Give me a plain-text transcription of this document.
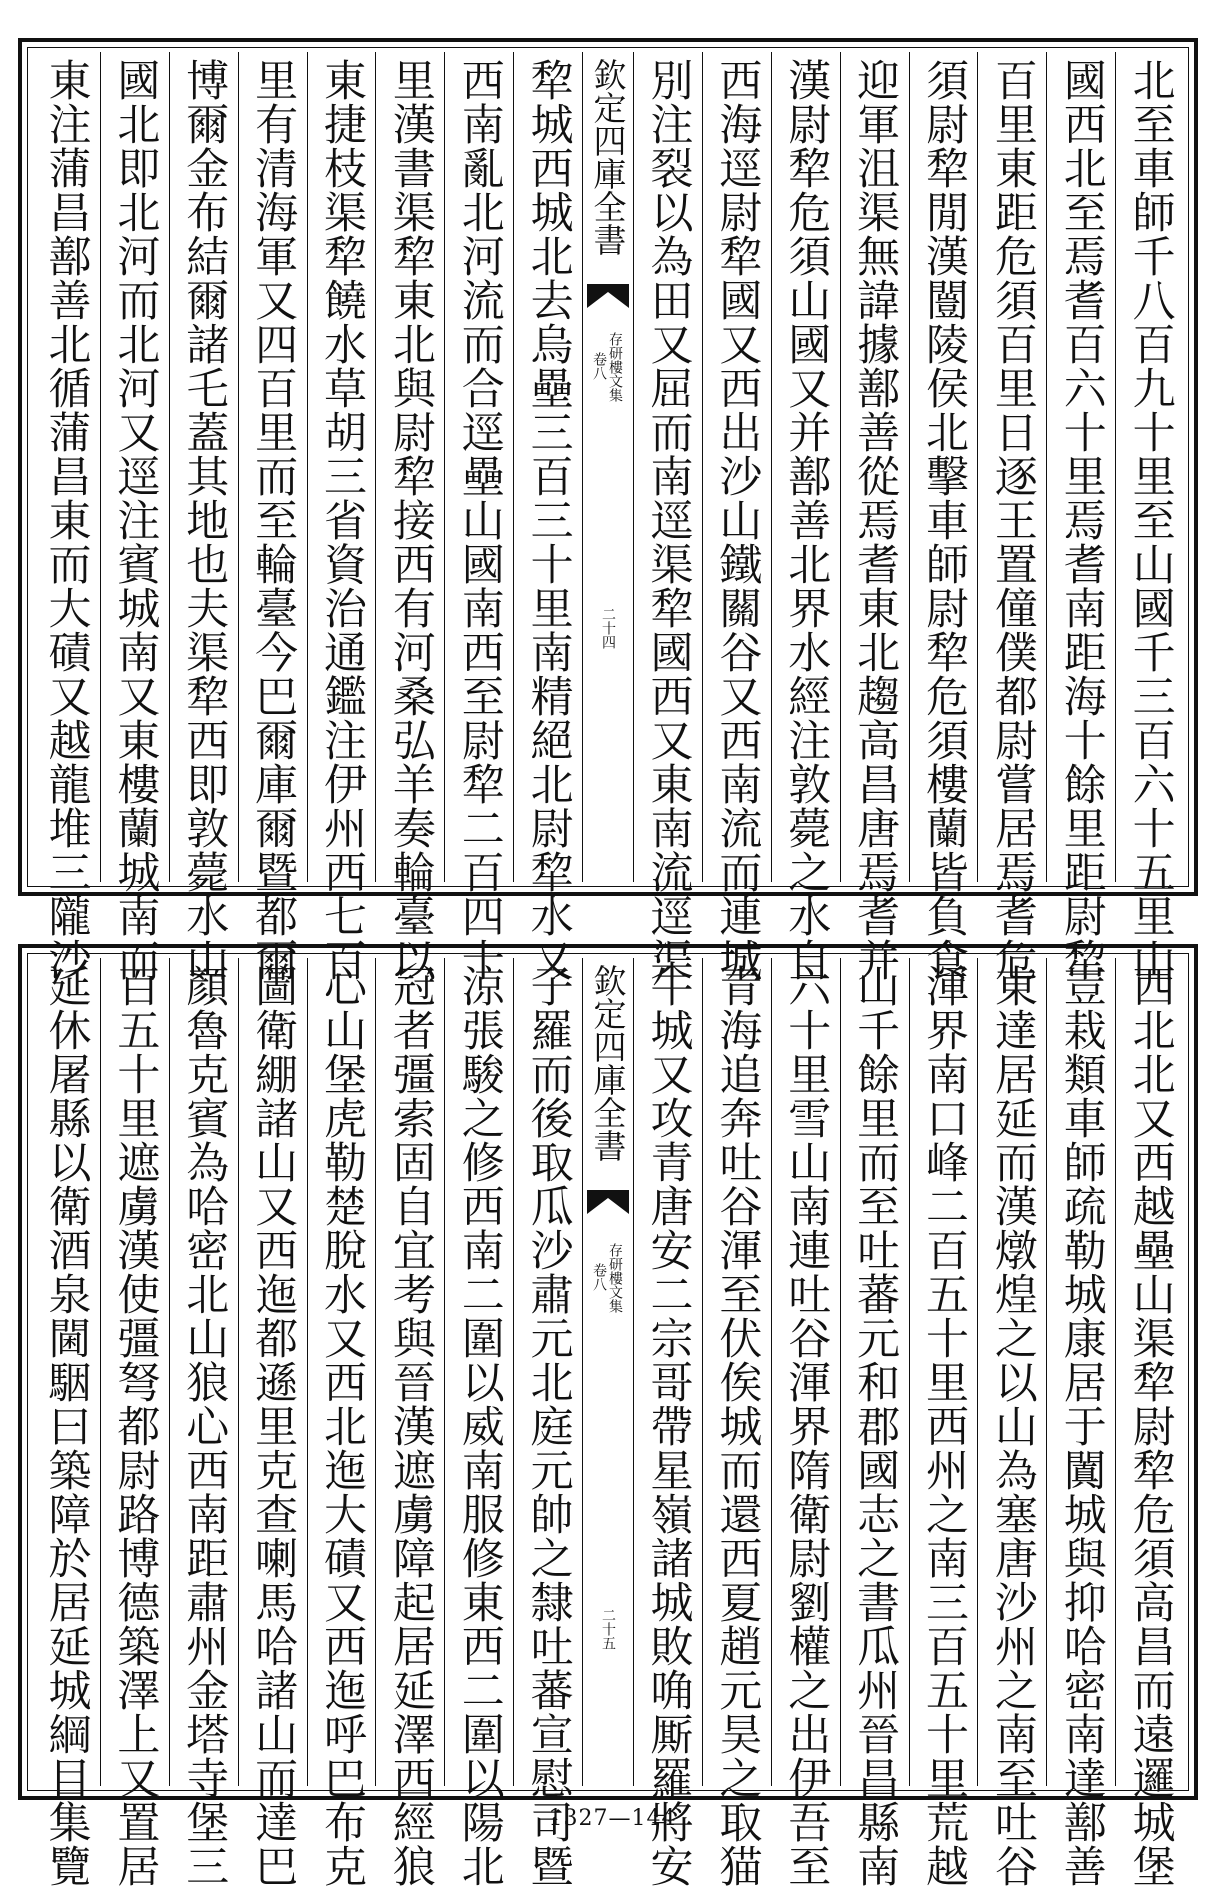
北至車師千八百九十里至山國千三百六十五里山
國西北至焉耆百六十里焉耆南距海十餘里距尉犂
百里東距危須百里日逐王置僮僕都尉嘗居焉耆危
須尉犂閒漢闓陵侯北擊車師尉犂危須樓蘭皆負食
迎軍沮渠無諱據鄯善從焉耆東北趨高昌唐焉耆并
漢尉犂危須山國又并鄯善北界水經注敦薨之水自
西海逕尉犂國又西出沙山鐵關谷又西南流而連城
別注裂以為田又屈而南逕渠犂國西又東南流逕渠
欽定四庫全書
存研樓文集
卷八
二十四
犂城西城北去烏壘三百三十里南精絕北尉犂水又
西南亂北河流而合逕壘山國南西至尉犂二百四十
里漢書渠犂東北與尉犂接西有河桑弘羊奏輪臺以
東捷枝渠犂饒水草胡三省資治通鑑注伊州西七百
里有清海軍又四百里而至輪臺今巴爾庫爾暨都爾
博爾金布結爾諸乇蓋其地也夫渠犂西即敦薨水山
國北即北河而北河又逕注賓城南又東樓蘭城南而
東注蒲昌鄯善北循蒲昌東而大磧又越龍堆三隴沙
西北北又西越壘山渠犂尉犂危須高昌而遠邏城堡
豈栽類車師疏勒城康居于闐城與抑哈密南達鄯善
東達居延而漢燉煌之以山為塞唐沙州之南至吐谷
渾界南口峰二百五十里西州之南三百五十里荒越
山千餘里而至吐蕃元和郡國志之書瓜州晉昌縣南
六十里雪山南連吐谷渾界隋衛尉劉權之出伊吾至
青海追奔吐谷渾至伏俟城而還西夏趙元昊之取猫
牛城又攻青唐安二宗哥帶星嶺諸城敗唃厮羅將安
欽定四庫全書
存研樓文集
卷八
二十五
子羅而後取瓜沙肅元北庭元帥之隸吐蕃宣慰司暨
涼張駿之修西南二圍以威南服修東西二圍以陽北
冠者彊索固自宜考與晉漢遮虜障起居延澤西經狼
心山堡虎勒楚脫水又西北迤大磧又西迤呼巴布克
圖衛綳諸山又西迤都遜里克查喇馬哈諸山而達巴
顏魯克賓為哈密北山狼心西南距肅州金塔寺堡三
百五十里遮虜漢使彊弩都尉路博德築澤上又置居
延休屠縣以衛酒泉閫駰曰築障於居延城綱目集覽	1327—144
